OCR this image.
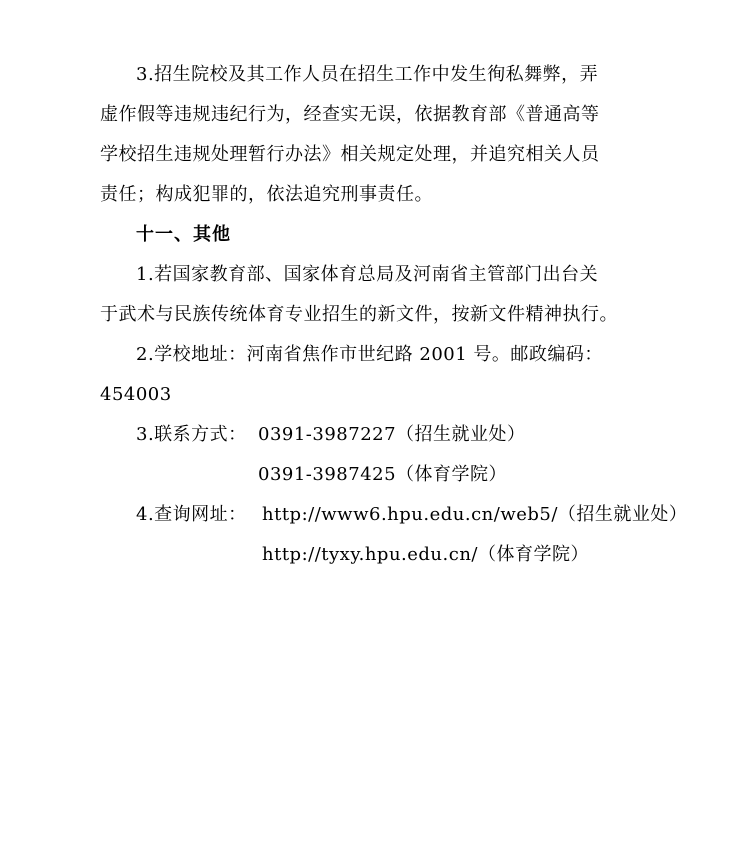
3.招生院校及其工作人员在招生工作中发生徇私舞弊，弄
虚作假等违规违纪行为，经查实无误，依据教育部《普通高等
学校招生违规处理暂行办法》相关规定处理，并追究相关人员
责任；构成犯罪的，依法追究刑事责任。
十一、其他
1.若国家教育部、国家体育总局及河南省主管部门出台关
于武术与民族传统体育专业招生的新文件，按新文件精神执行。
2.学校地址：河南省焦作市世纪路 2001 号。邮政编码：
454003
3.联系方式： 0391-3987227（招生就业处）
0391-3987425（体育学院）
4.查询网址： http://www6.hpu.edu.cn/web5/（招生就业处）
http://tyxy.hpu.edu.cn/（体育学院）
